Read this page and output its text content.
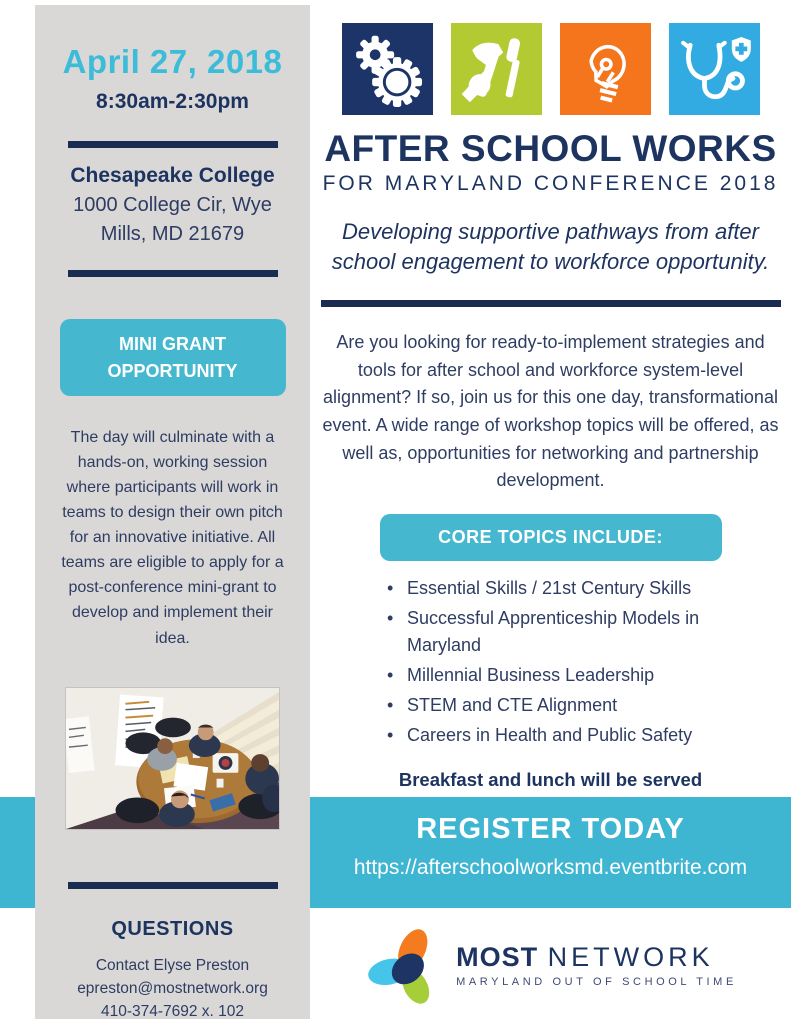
April 27, 2018
8:30am-2:30pm
Chesapeake College
1000 College Cir, Wye
Mills, MD 21679
MINI GRANT OPPORTUNITY
The day will culminate with a hands-on, working session where participants will work in teams to design their own pitch for an innovative initiative. All teams are eligible to apply for a post-conference mini-grant to develop and implement their idea.
QUESTIONS
Contact Elyse Preston
epreston@mostnetwork.org
410-374-7692 x. 102
AFTER SCHOOL WORKS
FOR MARYLAND CONFERENCE 2018
Developing supportive pathways from after school engagement to workforce opportunity.
Are you looking for ready-to-implement strategies and tools for after school and workforce system-level alignment? If so, join us for this one day, transformational event. A wide range of workshop topics will be offered, as well as, opportunities for networking and partnership development.
CORE TOPICS INCLUDE:
• Essential Skills / 21st Century Skills
• Successful Apprenticeship Models in Maryland
• Millennial Business Leadership
• STEM and CTE Alignment
• Careers in Health and Public Safety
Breakfast and lunch will be served
REGISTER TODAY
https://afterschoolworksmd.eventbrite.com
MOST NETWORK
MARYLAND OUT OF SCHOOL TIME
